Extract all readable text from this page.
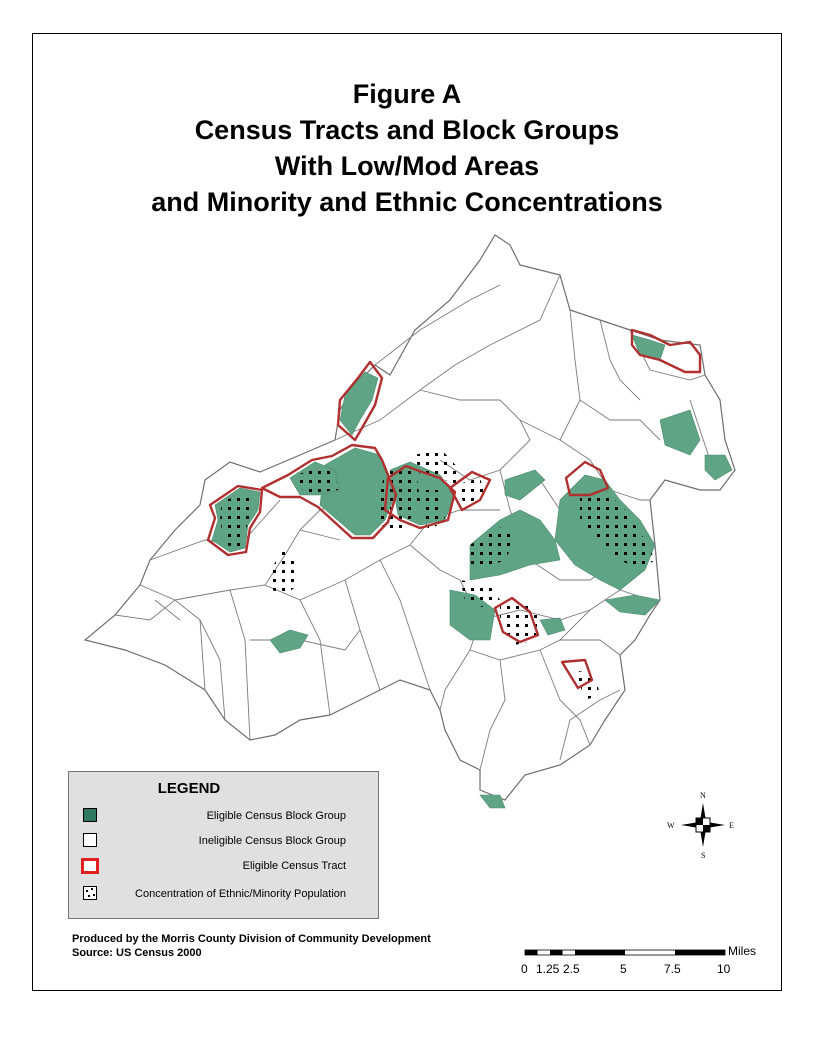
Figure A
Census Tracts and Block Groups
With Low/Mod Areas
and Minority and Ethnic Concentrations
N
S
W	E
LEGEND
Eligible Census Block Group
Ineligible Census Block Group
Eligible Census Tract
Concentration of Ethnic/Minority Population
Produced by the Morris County Division of Community Development
Source: US Census 2000	Miles
0 1.25 2.5	5	7.5	10
